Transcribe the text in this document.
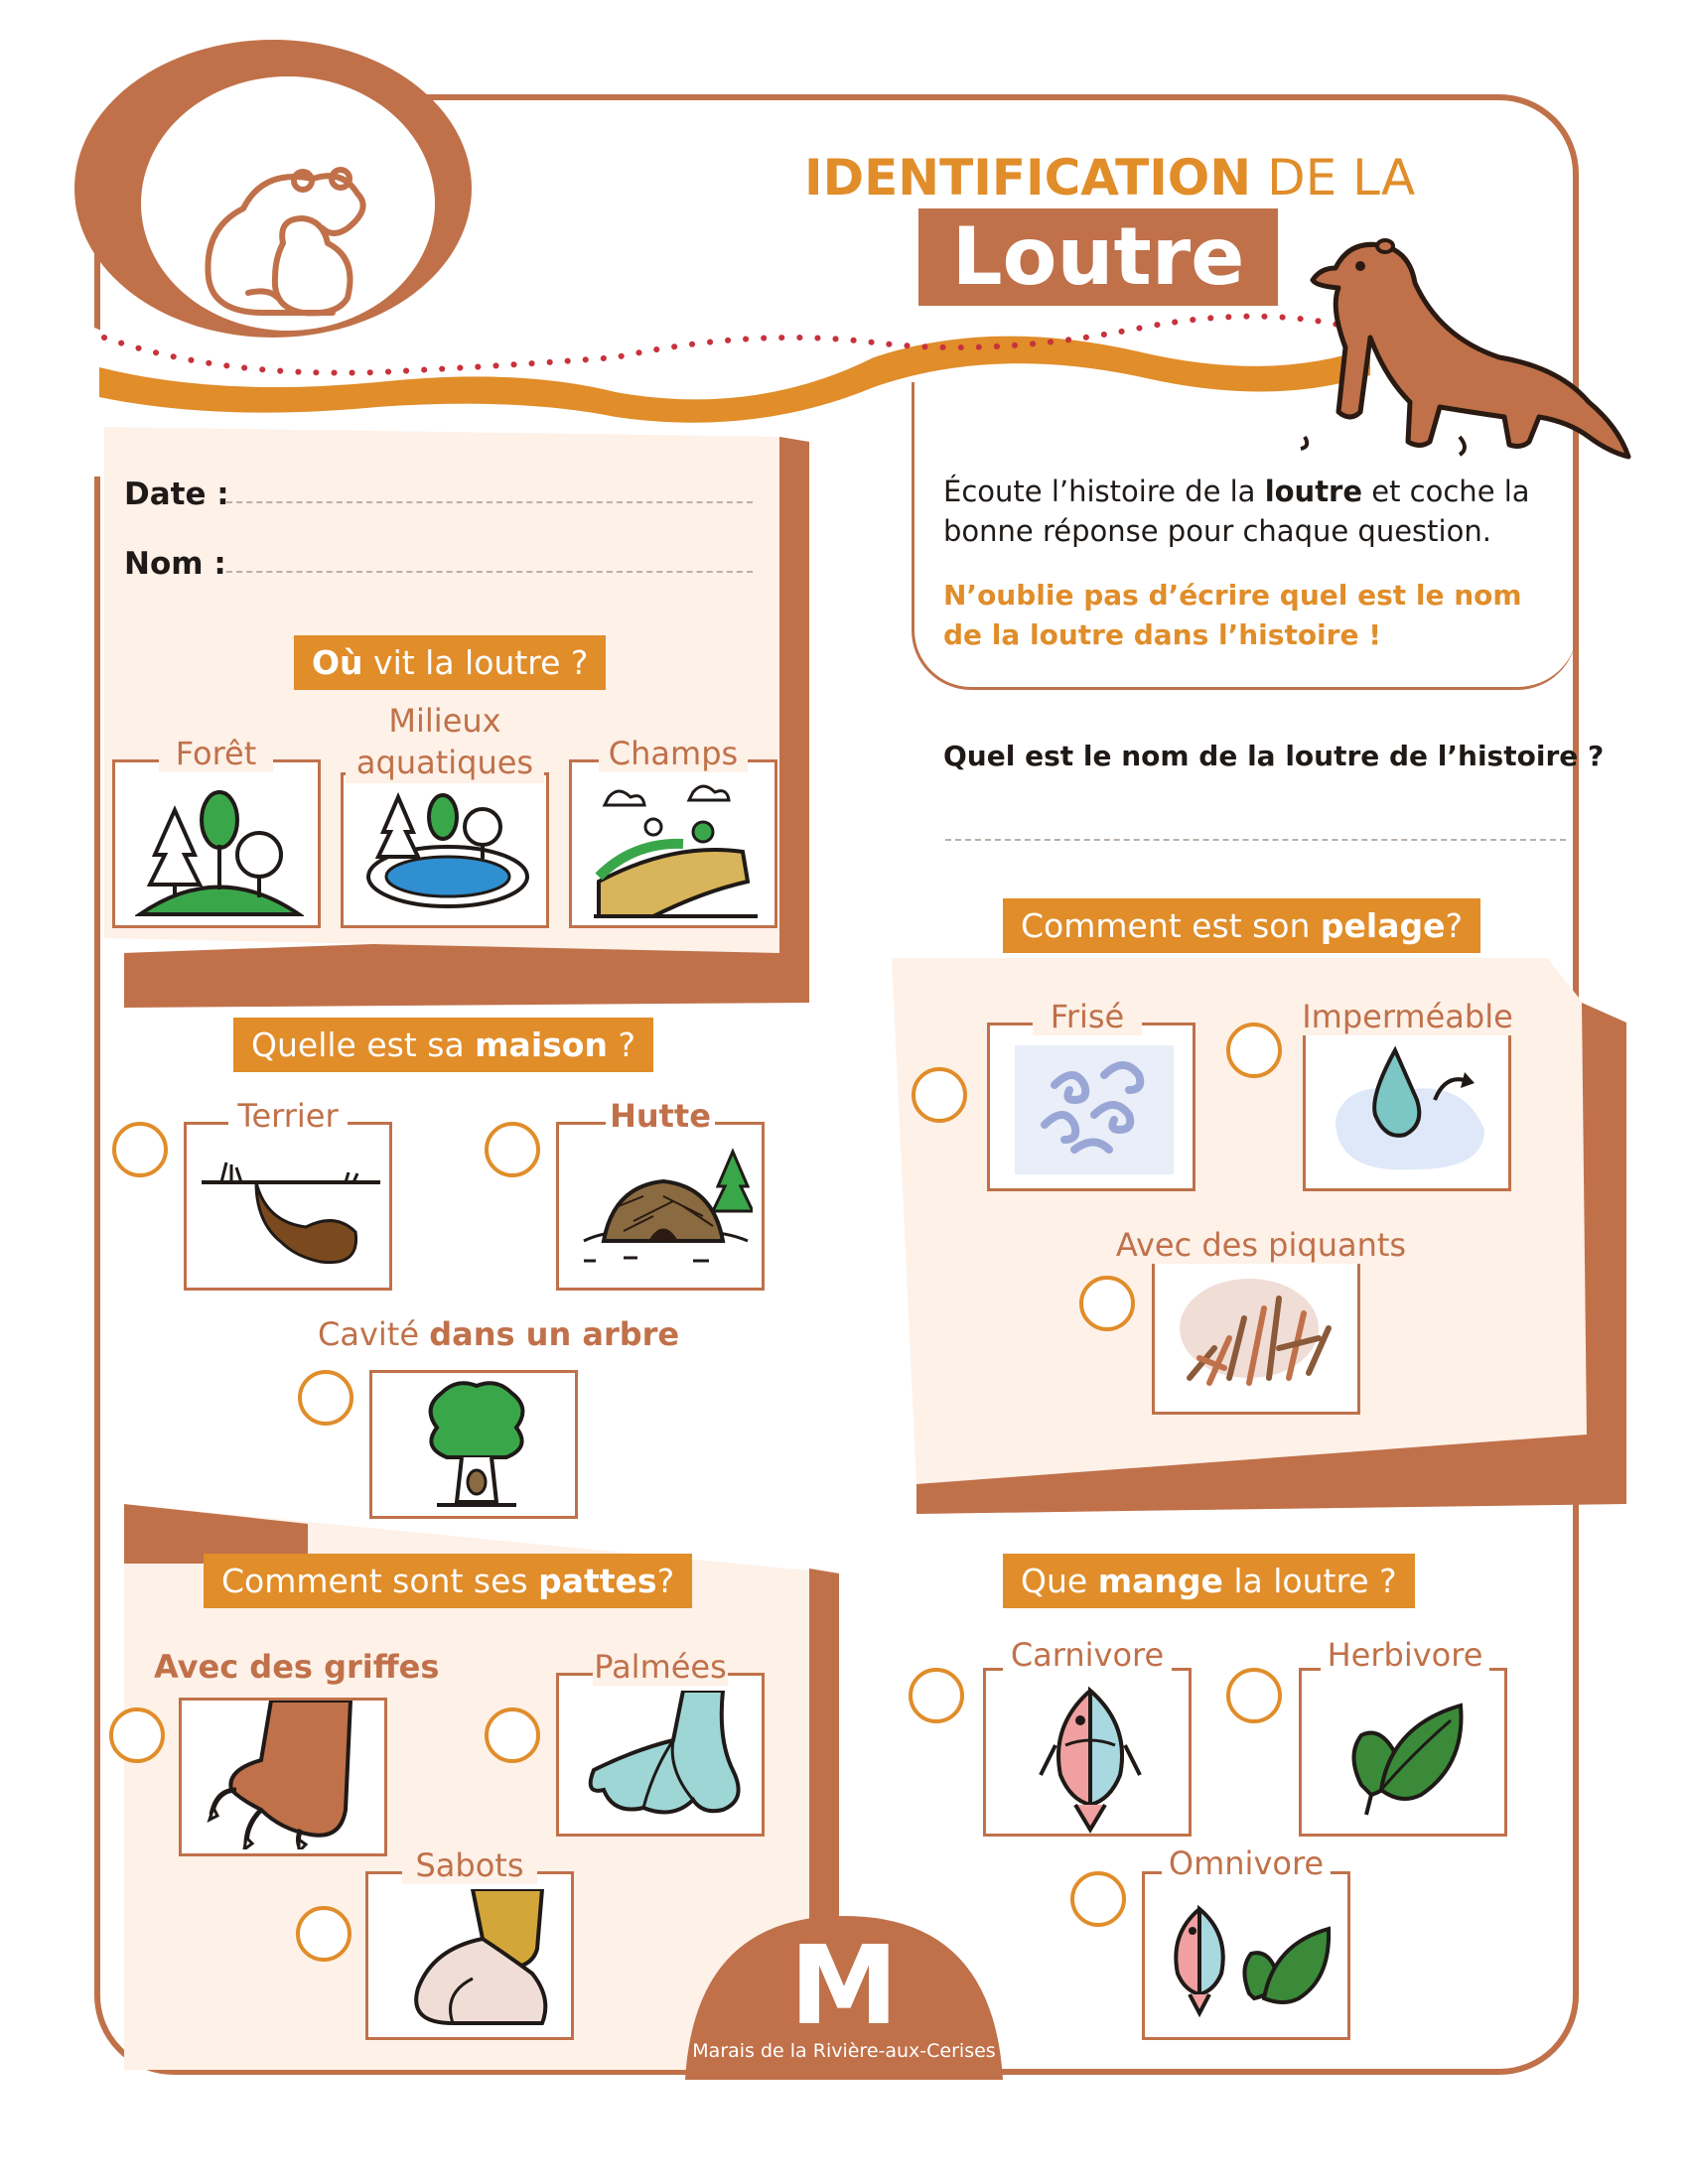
IDENTIFICATION DE LA
Loutre
Date :
Nom :
Où vit la loutre ?
Forêt
Milieux aquatiques	Champs
Écoute l’histoire de la loutre et coche la bonne réponse pour chaque question.
N’oublie pas d’écrire quel est le nom de la loutre dans l’histoire !
Quel est le nom de la loutre de l’histoire ?
Comment est son pelage?
Frisé	Imperméable
Avec des piquants
Quelle est sa maison ?
Terrier	Hutte
Cavité dans un arbre
Comment sont ses pattes?
Avec des griffes	Palmées
Sabots
Que mange la loutre ?
Carnivore	Herbivore
Omnivore
M
Marais de la Rivière-aux-Cerises
